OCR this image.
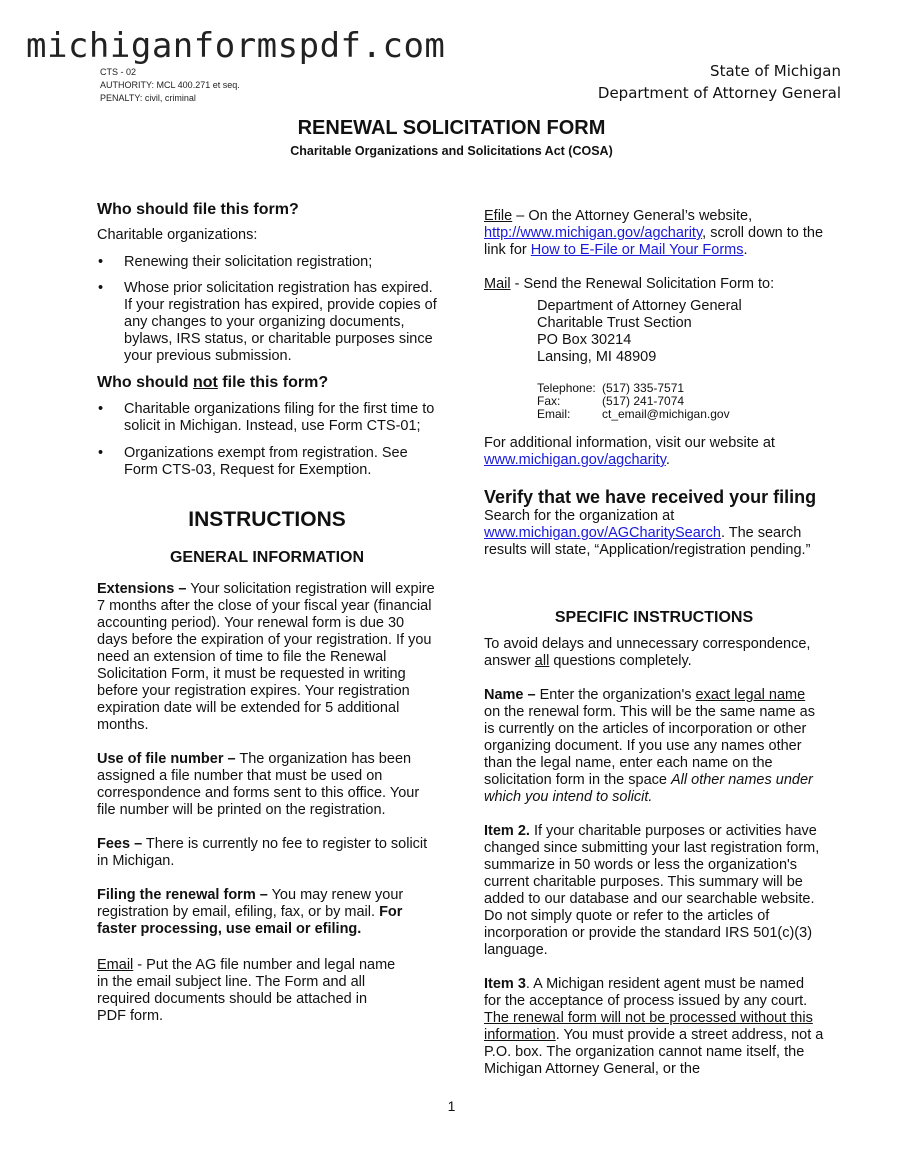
michiganformspdf.com
CTS - 02
AUTHORITY: MCL 400.271 et seq.
PENALTY: civil, criminal
State of Michigan
Department of Attorney General
RENEWAL SOLICITATION FORM
Charitable Organizations and Solicitations Act (COSA)
Who should file this form?

Charitable organizations:

• Renewing their solicitation registration;
• Whose prior solicitation registration has expired. If your registration has expired, provide copies of any changes to your organizing documents, bylaws, IRS status, or charitable purposes since your previous submission.
Who should not file this form?
• Charitable organizations filing for the first time to solicit in Michigan. Instead, use Form CTS-01;
• Organizations exempt from registration. See Form CTS-03, Request for Exemption.
INSTRUCTIONS
GENERAL INFORMATION

Extensions – Your solicitation registration will expire 7 months after the close of your fiscal year (financial accounting period). Your renewal form is due 30 days before the expiration of your registration. If you need an extension of time to file the Renewal Solicitation Form, it must be requested in writing before your registration expires. Your registration expiration date will be extended for 5 additional months.

Use of file number – The organization has been assigned a file number that must be used on correspondence and forms sent to this office. Your file number will be printed on the registration.

Fees – There is currently no fee to register to solicit in Michigan.

Filing the renewal form – You may renew your registration by email, efiling, fax, or by mail. For faster processing, use email or efiling.

Email - Put the AG file number and legal name in the email subject line. The Form and all required documents should be attached in PDF form.

Efile – On the Attorney General’s website, http://www.michigan.gov/agcharity, scroll down to the link for How to E-File or Mail Your Forms.

Mail - Send the Renewal Solicitation Form to:

Department of Attorney General
Charitable Trust Section
PO Box 30214
Lansing, MI 48909
Telephone: (517) 335-7571
Fax:	(517) 241-7074
Email:	ct_email@michigan.gov

For additional information, visit our website at www.michigan.gov/agcharity.

Verify that we have received your filing

Search for the organization at www.michigan.gov/AGCharitySearch. The search results will state, “Application/registration pending.”

SPECIFIC INSTRUCTIONS

To avoid delays and unnecessary correspondence, answer all questions completely.

Name – Enter the organization's exact legal name on the renewal form. This will be the same name as is currently on the articles of incorporation or other organizing document. If you use any names other than the legal name, enter each name on the solicitation form in the space All other names under which you intend to solicit.

Item 2. If your charitable purposes or activities have changed since submitting your last registration form, summarize in 50 words or less the organization's current charitable purposes. This summary will be added to our database and our searchable website. Do not simply quote or refer to the articles of incorporation or provide the standard IRS 501(c)(3) language.

Item 3. A Michigan resident agent must be named for the acceptance of process issued by any court. The renewal form will not be processed without this information. You must provide a street address, not a P.O. box. The organization cannot name itself, the Michigan Attorney General, or the

1
